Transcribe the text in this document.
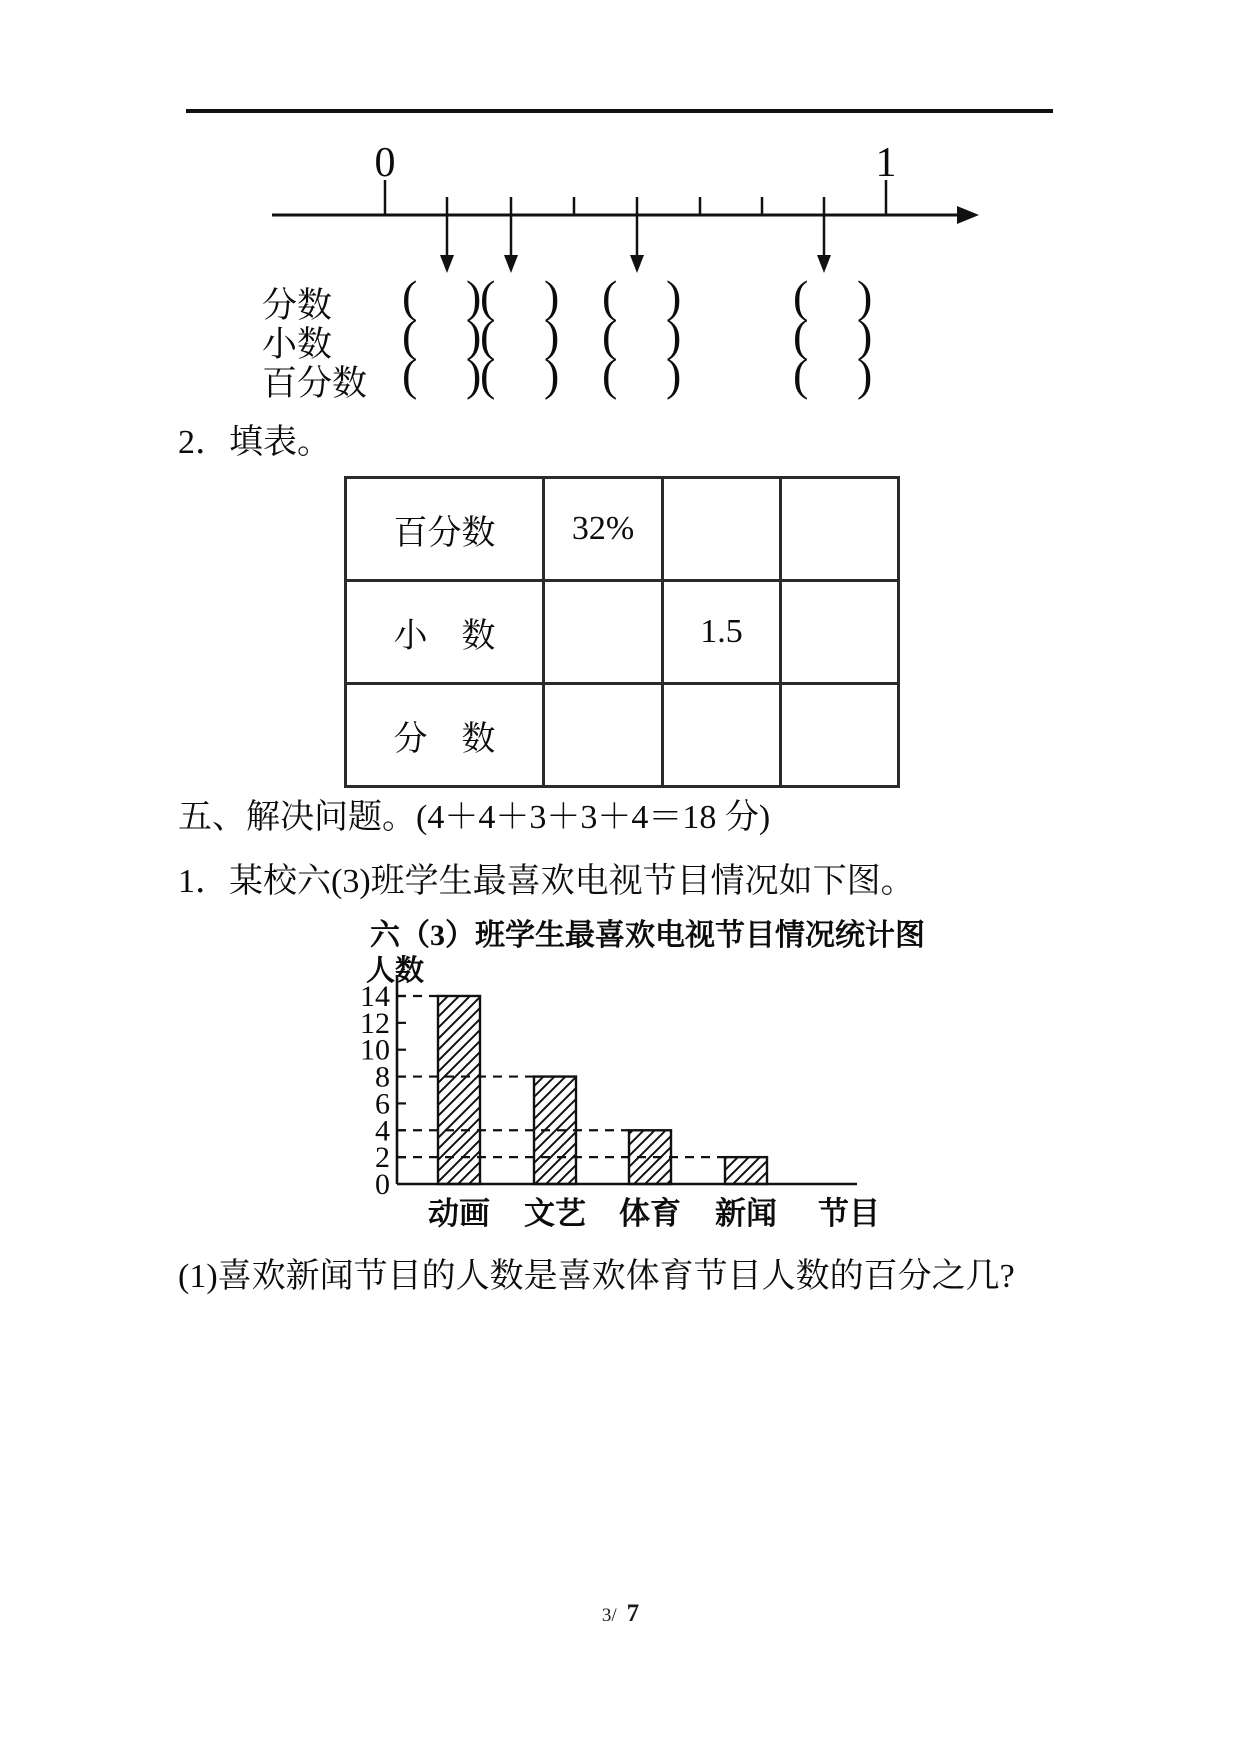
0	1
分数 ( )
( ) ( ) ( )
小数 ( )
( ) ( ) ( )
百分数 ( )
( ) ( ) ( )
2．填表。
百分数	32%		
小　数		1.5	
分　数			
五、解决问题。(4＋4＋3＋3＋4＝18 分)
1．某校六(3)班学生最喜欢电视节目情况如下图。
六（3）班学生最喜欢电视节目情况统计图
人数
0
2
4
6
8
10
12
14
动画 文艺 体育 新闻 节目
(1)喜欢新闻节目的人数是喜欢体育节目人数的百分之几?
3/ 7
